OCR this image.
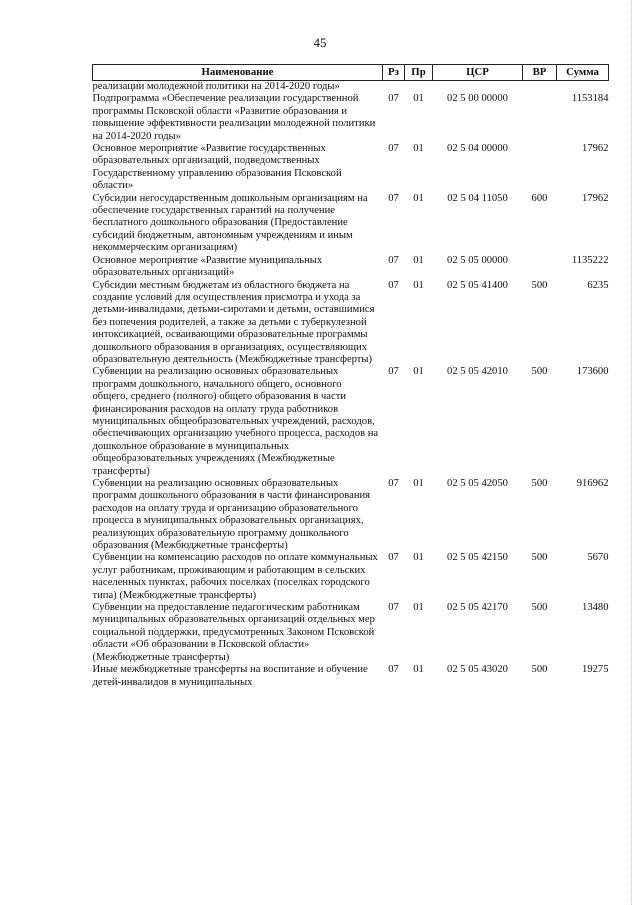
45
Наименование	Рз	Пр	ЦСР	ВР	Сумма
реализации молодежной политики на 2014-2020 годы»					
Подпрограмма «Обеспечение реализации государственной программы Псковской области «Развитие образования и повышение эффективности реализации молодежной политики на 2014-2020 годы»	07	01	02 5 00 00000		1153184
Основное мероприятие «Развитие государственных образовательных организаций, подведомственных Государственному управлению образования Псковской области»	07	01	02 5 04 00000		17962
Субсидии негосударственным дошкольным организациям на обеспечение государственных гарантий на получение бесплатного дошкольного образования (Предоставление субсидий бюджетным, автономным учреждениям и иным некоммерческим организациям)	07	01	02 5 04 11050	600	17962
Основное мероприятие «Развитие муниципальных образовательных организаций»	07	01	02 5 05 00000		1135222
Субсидии местным бюджетам из областного бюджета на создание условий для осуществления присмотра и ухода за детьми-инвалидами, детьми-сиротами и детьми, оставшимися без попечения родителей, а также за детьми с туберкулезной интоксикацией, осваивающими образовательные программы дошкольного образования в организациях, осуществляющих образовательную деятельность (Межбюджетные трансферты)	07	01	02 5 05 41400	500	6235
Субвенции на реализацию основных образовательных программ дошкольного, начального общего, основного общего, среднего (полного) общего образования в части финансирования расходов на оплату труда работников муниципальных общеобразовательных учреждений, расходов, обеспечивающих организацию учебного процесса, расходов на дошкольное образование в муниципальных общеобразовательных учреждениях (Межбюджетные трансферты)	07	01	02 5 05 42010	500	173600
Субвенции на реализацию основных образовательных программ дошкольного образования в части финансирования расходов на оплату труда и организацию образовательного процесса в муниципальных образовательных организациях, реализующих образовательную программу дошкольного образования (Межбюджетные трансферты)	07	01	02 5 05 42050	500	916962
Субвенции на компенсацию расходов по оплате коммунальных услуг работникам, проживающим и работающим в сельских населенных пунктах, рабочих поселках (поселках городского типа) (Межбюджетные трансферты)	07	01	02 5 05 42150	500	5670
Субвенции на предоставление педагогическим работникам муниципальных образовательных организаций отдельных мер социальной поддержки, предусмотренных Законом Псковской области «Об образовании в Псковской области» (Межбюджетные трансферты)	07	01	02 5 05 42170	500	13480
Иные межбюджетные трансферты на воспитание и обучение детей-инвалидов в муниципальных	07	01	02 5 05 43020	500	19275
